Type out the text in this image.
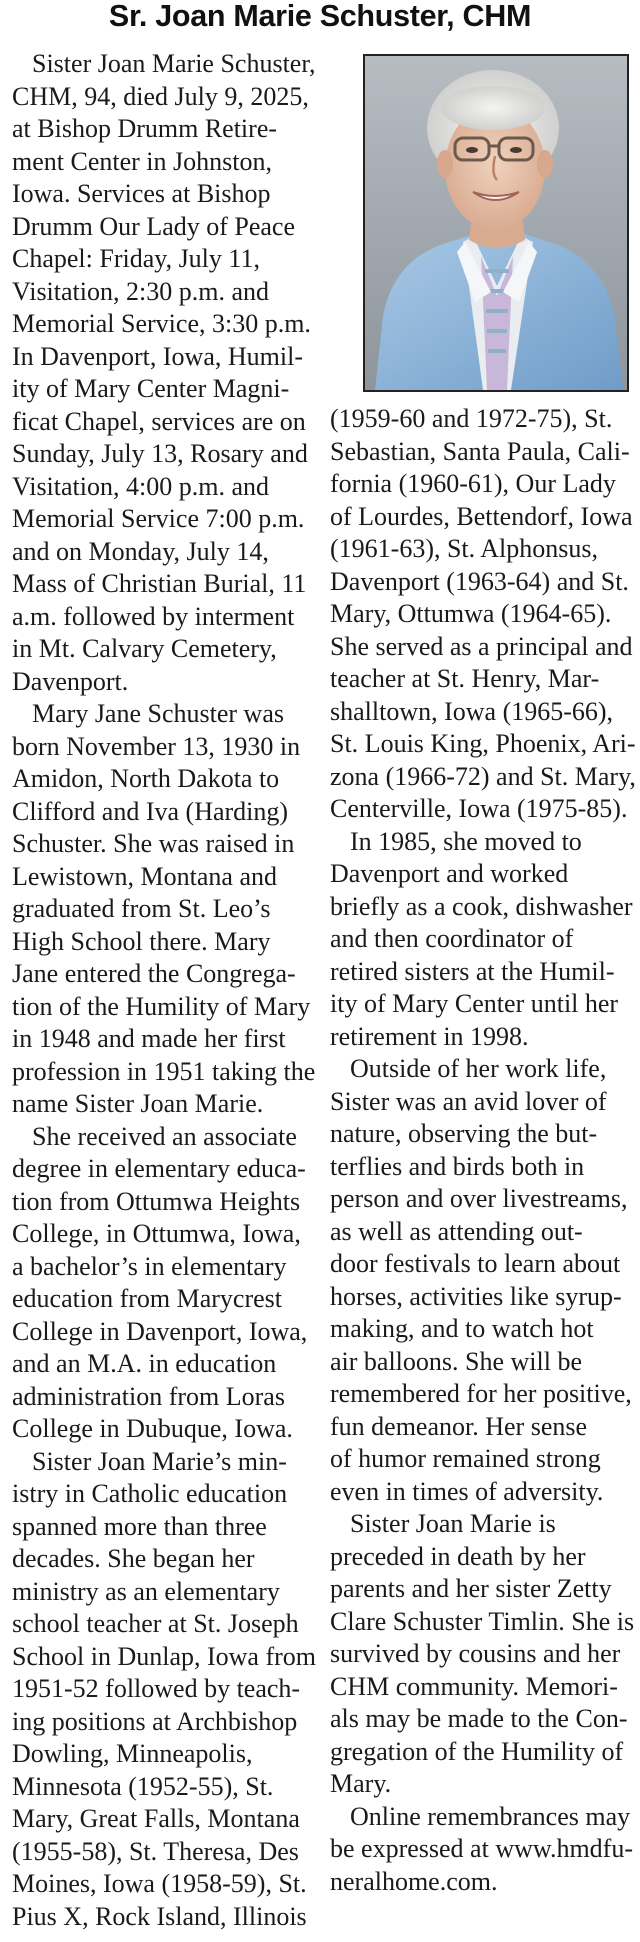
Sr. Joan Marie Schuster, CHM

Sister Joan Marie Schuster,
CHM, 94, died July 9, 2025,
at Bishop Drumm Retire-
ment Center in Johnston,
Iowa. Services at Bishop
Drumm Our Lady of Peace
Chapel: Friday, July 11,
Visitation, 2:30 p.m. and
Memorial Service, 3:30 p.m.
In Davenport, Iowa, Humil-
ity of Mary Center Magni-
ficat Chapel, services are on
Sunday, July 13, Rosary and
Visitation, 4:00 p.m. and
Memorial Service 7:00 p.m.
and on Monday, July 14,
Mass of Christian Burial, 11
a.m. followed by interment
in Mt. Calvary Cemetery,
Davenport.

Mary Jane Schuster was
born November 13, 1930 in
Amidon, North Dakota to
Clifford and Iva (Harding)
Schuster. She was raised in
Lewistown, Montana and
graduated from St. Leo’s
High School there. Mary
Jane entered the Congrega-
tion of the Humility of Mary
in 1948 and made her first
profession in 1951 taking the
name Sister Joan Marie.

She received an associate
degree in elementary educa-
tion from Ottumwa Heights
College, in Ottumwa, Iowa,
a bachelor’s in elementary
education from Marycrest
College in Davenport, Iowa,
and an M.A. in education
administration from Loras
College in Dubuque, Iowa.

Sister Joan Marie’s min-
istry in Catholic education
spanned more than three
decades. She began her
ministry as an elementary
school teacher at St. Joseph
School in Dunlap, Iowa from
1951-52 followed by teach-
ing positions at Archbishop
Dowling, Minneapolis,
Minnesota (1952-55), St.
Mary, Great Falls, Montana
(1955-58), St. Theresa, Des
Moines, Iowa (1958-59), St.
Pius X, Rock Island, Illinois

(1959-60 and 1972-75), St.
Sebastian, Santa Paula, Cali-
fornia (1960-61), Our Lady
of Lourdes, Bettendorf, Iowa
(1961-63), St. Alphonsus,
Davenport (1963-64) and St.
Mary, Ottumwa (1964-65).
She served as a principal and
teacher at St. Henry, Mar-
shalltown, Iowa (1965-66),
St. Louis King, Phoenix, Ari-
zona (1966-72) and St. Mary,
Centerville, Iowa (1975-85).

In 1985, she moved to
Davenport and worked
briefly as a cook, dishwasher
and then coordinator of
retired sisters at the Humil-
ity of Mary Center until her
retirement in 1998.

Outside of her work life,
Sister was an avid lover of
nature, observing the but-
terflies and birds both in
person and over livestreams,
as well as attending out-
door festivals to learn about
horses, activities like syrup-
making, and to watch hot
air balloons. She will be
remembered for her positive,
fun demeanor. Her sense
of humor remained strong
even in times of adversity.

Sister Joan Marie is
preceded in death by her
parents and her sister Zetty
Clare Schuster Timlin. She is
survived by cousins and her
CHM community. Memori-
als may be made to the Con-
gregation of the Humility of
Mary.

Online remembrances may
be expressed at www.hmdfu-
neralhome.com.
